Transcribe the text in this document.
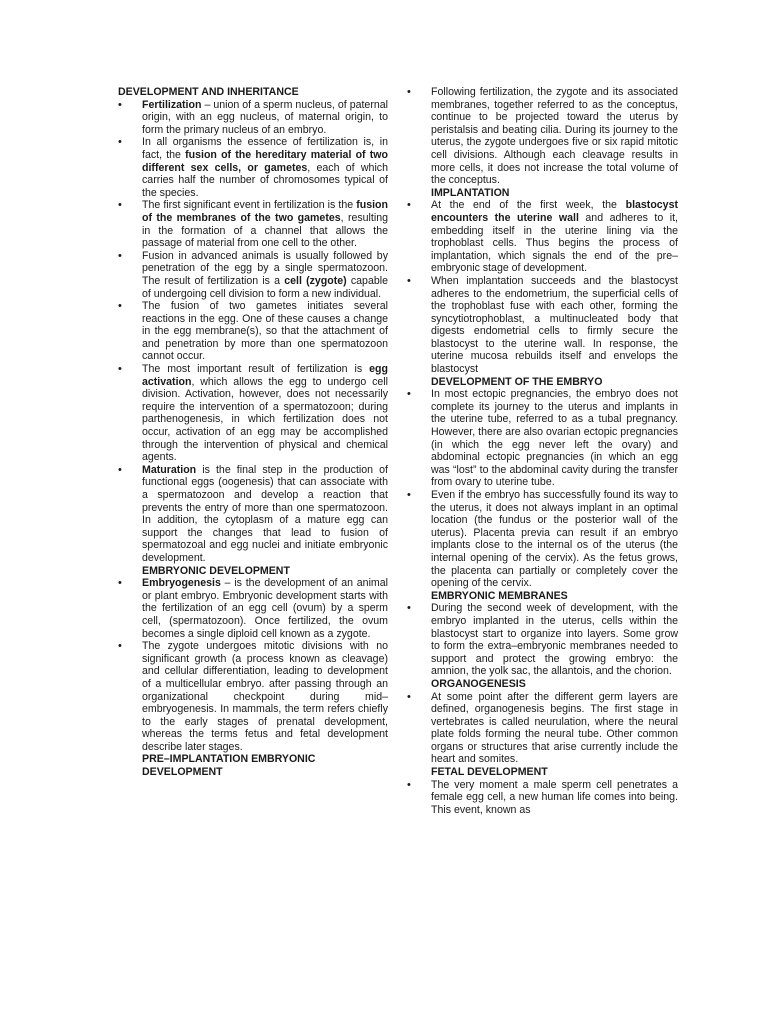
DEVELOPMENT AND INHERITANCE
• Fertilization – union of a sperm nucleus, of paternal origin, with an egg nucleus, of maternal origin, to form the primary nucleus of an embryo.
• In all organisms the essence of fertilization is, in fact, the fusion of the hereditary material of two different sex cells, or gametes, each of which carries half the number of chromosomes typical of the species.
• The first significant event in fertilization is the fusion of the membranes of the two gametes, resulting in the formation of a channel that allows the passage of material from one cell to the other.
• Fusion in advanced animals is usually followed by penetration of the egg by a single spermatozoon. The result of fertilization is a cell (zygote) capable of undergoing cell division to form a new individual.
• The fusion of two gametes initiates several reactions in the egg. One of these causes a change in the egg membrane(s), so that the attachment of and penetration by more than one spermatozoon cannot occur.
• The most important result of fertilization is egg activation, which allows the egg to undergo cell division. Activation, however, does not necessarily require the intervention of a spermatozoon; during parthenogenesis, in which fertilization does not occur, activation of an egg may be accomplished through the intervention of physical and chemical agents.
• Maturation is the final step in the production of functional eggs (oogenesis) that can associate with a spermatozoon and develop a reaction that prevents the entry of more than one spermatozoon. In addition, the cytoplasm of a mature egg can support the changes that lead to fusion of spermatozoal and egg nuclei and initiate embryonic development.
EMBRYONIC DEVELOPMENT
• Embryogenesis – is the development of an animal or plant embryo. Embryonic development starts with the fertilization of an egg cell (ovum) by a sperm cell, (spermatozoon). Once fertilized, the ovum becomes a single diploid cell known as a zygote.
• The zygote undergoes mitotic divisions with no significant growth (a process known as cleavage) and cellular differentiation, leading to development of a multicellular embryo. after passing through an organizational checkpoint during mid–embryogenesis. In mammals, the term refers chiefly to the early stages of prenatal development, whereas the terms fetus and fetal development describe later stages.
PRE–IMPLANTATION EMBRYONIC DEVELOPMENT
• Following fertilization, the zygote and its associated membranes, together referred to as the conceptus, continue to be projected toward the uterus by peristalsis and beating cilia. During its journey to the uterus, the zygote undergoes five or six rapid mitotic cell divisions. Although each cleavage results in more cells, it does not increase the total volume of the conceptus.
IMPLANTATION
• At the end of the first week, the blastocyst encounters the uterine wall and adheres to it, embedding itself in the uterine lining via the trophoblast cells. Thus begins the process of implantation, which signals the end of the pre–embryonic stage of development.
• When implantation succeeds and the blastocyst adheres to the endometrium, the superficial cells of the trophoblast fuse with each other, forming the syncytiotrophoblast, a multinucleated body that digests endometrial cells to firmly secure the blastocyst to the uterine wall. In response, the uterine mucosa rebuilds itself and envelops the blastocyst
DEVELOPMENT OF THE EMBRYO
• In most ectopic pregnancies, the embryo does not complete its journey to the uterus and implants in the uterine tube, referred to as a tubal pregnancy. However, there are also ovarian ectopic pregnancies (in which the egg never left the ovary) and abdominal ectopic pregnancies (in which an egg was “lost” to the abdominal cavity during the transfer from ovary to uterine tube.
• Even if the embryo has successfully found its way to the uterus, it does not always implant in an optimal location (the fundus or the posterior wall of the uterus). Placenta previa can result if an embryo implants close to the internal os of the uterus (the internal opening of the cervix). As the fetus grows, the placenta can partially or completely cover the opening of the cervix.
EMBRYONIC MEMBRANES
• During the second week of development, with the embryo implanted in the uterus, cells within the blastocyst start to organize into layers. Some grow to form the extra–embryonic membranes needed to support and protect the growing embryo: the amnion, the yolk sac, the allantois, and the chorion.
ORGANOGENESIS
• At some point after the different germ layers are defined, organogenesis begins. The first stage in vertebrates is called neurulation, where the neural plate folds forming the neural tube. Other common organs or structures that arise currently include the heart and somites.
FETAL DEVELOPMENT
• The very moment a male sperm cell penetrates a female egg cell, a new human life comes into being. This event, known as
